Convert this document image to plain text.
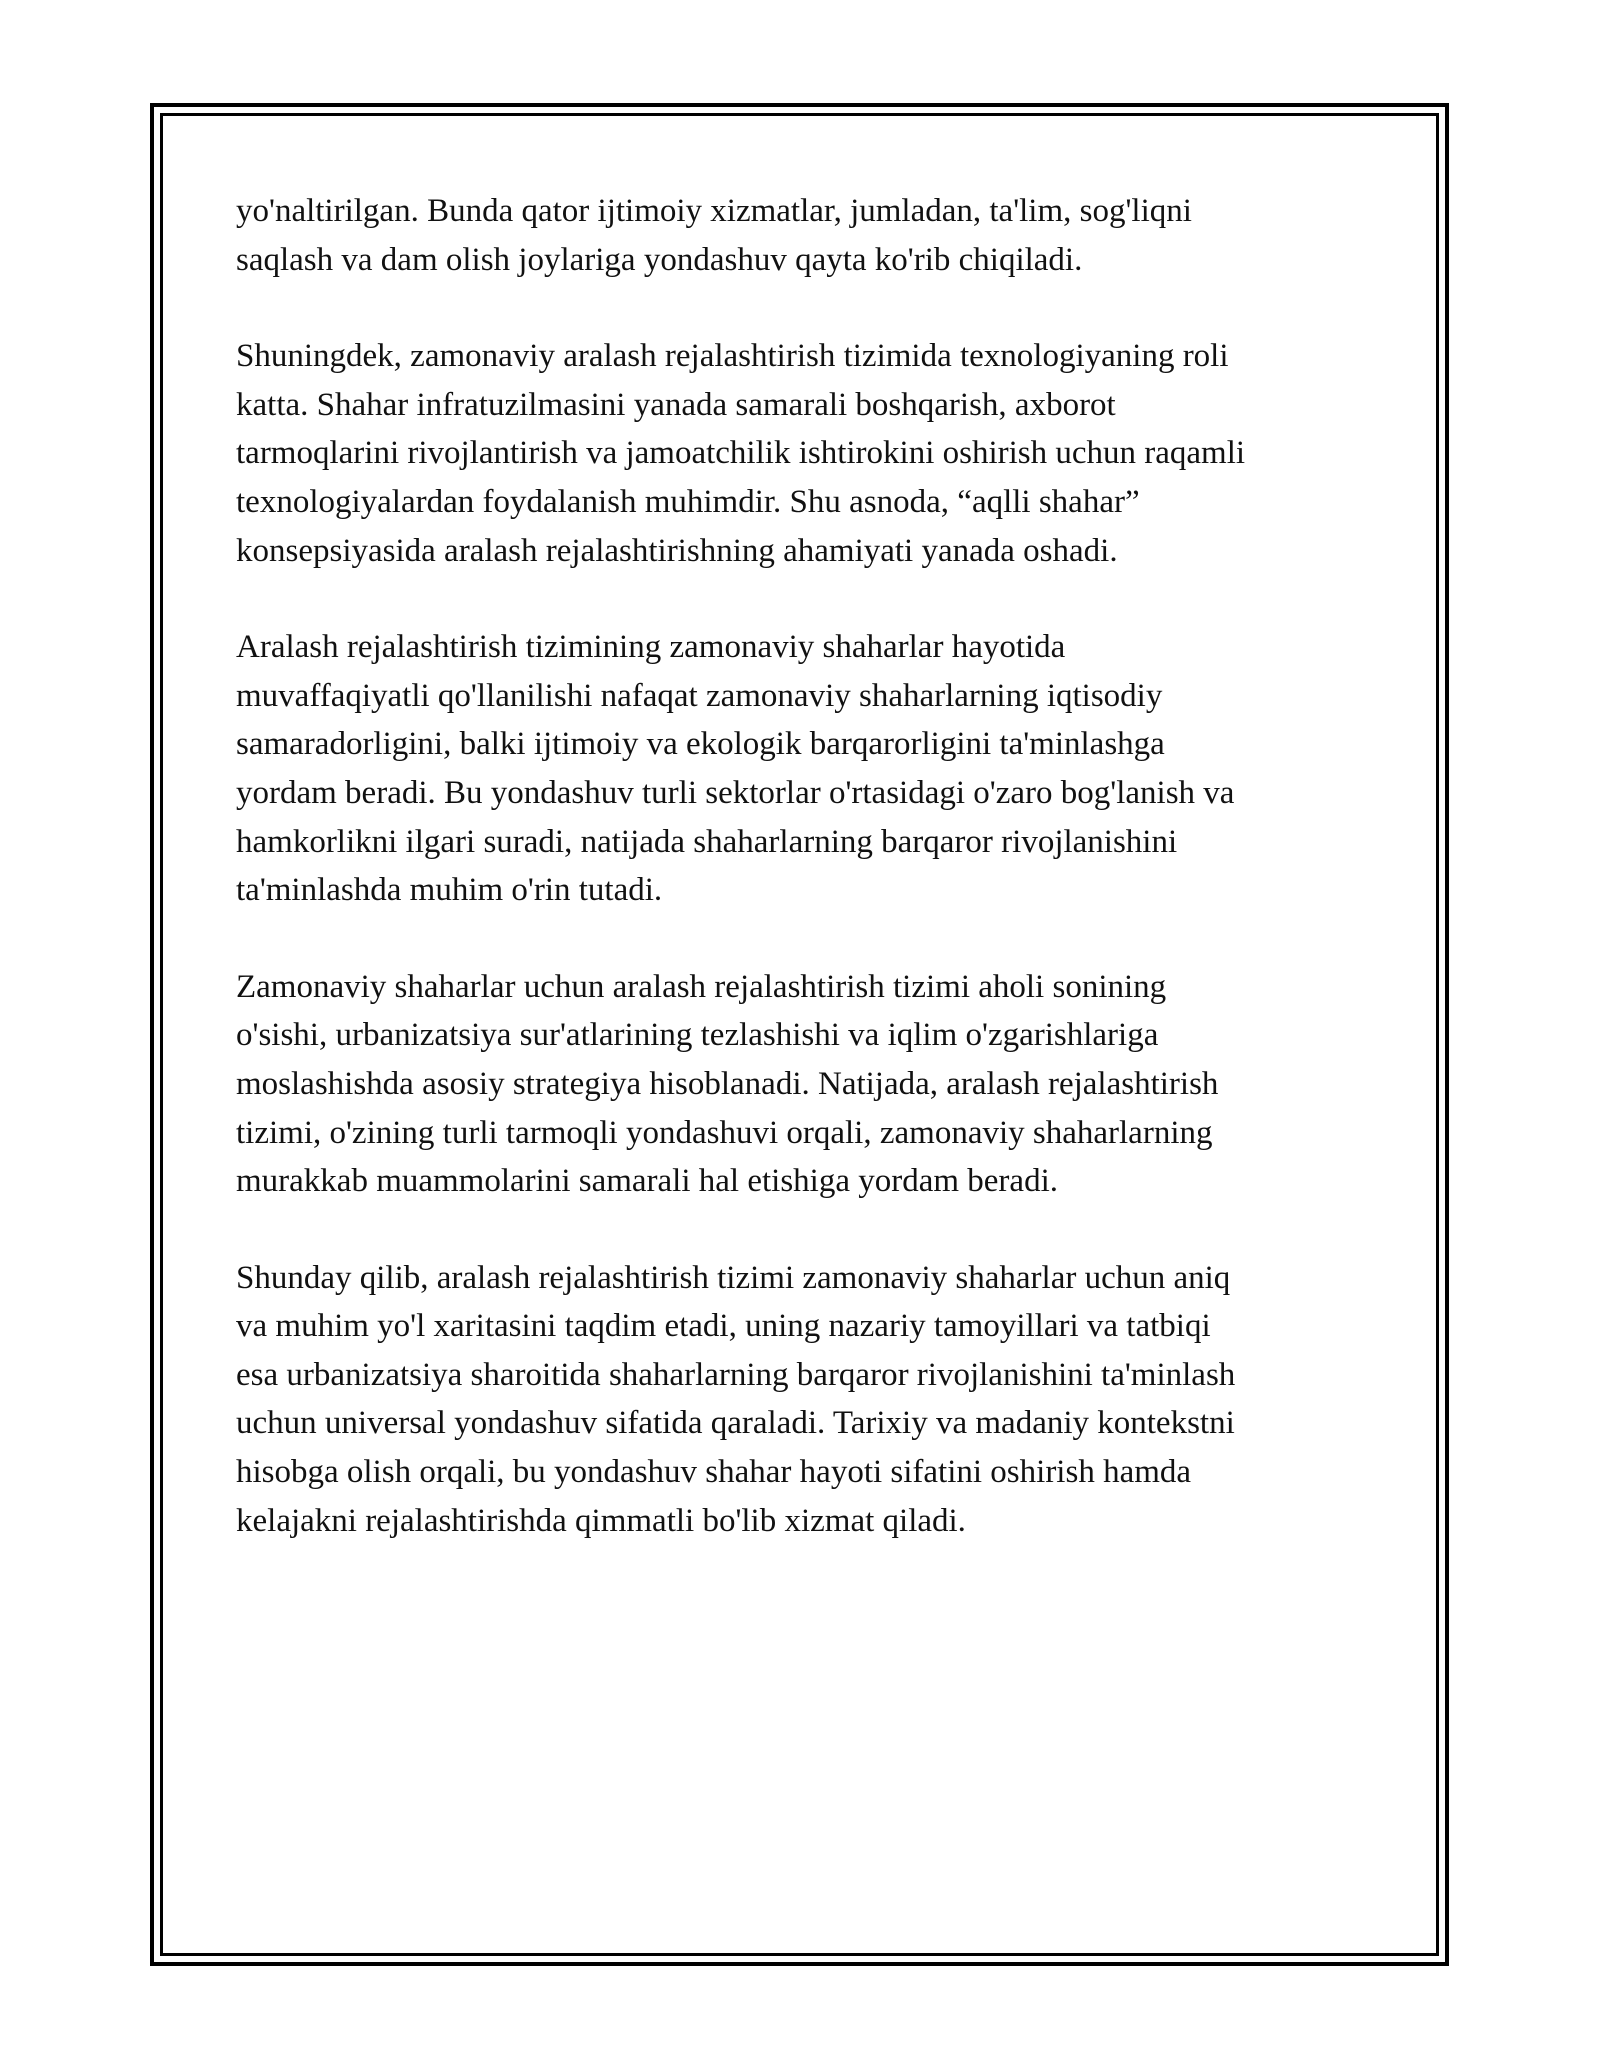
yo'naltirilgan. Bunda qator ijtimoiy xizmatlar, jumladan, ta'lim, sog'liqni
saqlash va dam olish joylariga yondashuv qayta ko'rib chiqiladi.

Shuningdek, zamonaviy aralash rejalashtirish tizimida texnologiyaning roli
katta. Shahar infratuzilmasini yanada samarali boshqarish, axborot
tarmoqlarini rivojlantirish va jamoatchilik ishtirokini oshirish uchun raqamli
texnologiyalardan foydalanish muhimdir. Shu asnoda, “aqlli shahar”
konsepsiyasida aralash rejalashtirishning ahamiyati yanada oshadi.

Aralash rejalashtirish tizimining zamonaviy shaharlar hayotida
muvaffaqiyatli qo'llanilishi nafaqat zamonaviy shaharlarning iqtisodiy
samaradorligini, balki ijtimoiy va ekologik barqarorligini ta'minlashga
yordam beradi. Bu yondashuv turli sektorlar o'rtasidagi o'zaro bog'lanish va
hamkorlikni ilgari suradi, natijada shaharlarning barqaror rivojlanishini
ta'minlashda muhim o'rin tutadi.

Zamonaviy shaharlar uchun aralash rejalashtirish tizimi aholi sonining
o'sishi, urbanizatsiya sur'atlarining tezlashishi va iqlim o'zgarishlariga
moslashishda asosiy strategiya hisoblanadi. Natijada, aralash rejalashtirish
tizimi, o'zining turli tarmoqli yondashuvi orqali, zamonaviy shaharlarning
murakkab muammolarini samarali hal etishiga yordam beradi.

Shunday qilib, aralash rejalashtirish tizimi zamonaviy shaharlar uchun aniq
va muhim yo'l xaritasini taqdim etadi, uning nazariy tamoyillari va tatbiqi
esa urbanizatsiya sharoitida shaharlarning barqaror rivojlanishini ta'minlash
uchun universal yondashuv sifatida qaraladi. Tarixiy va madaniy kontekstni
hisobga olish orqali, bu yondashuv shahar hayoti sifatini oshirish hamda
kelajakni rejalashtirishda qimmatli bo'lib xizmat qiladi.
